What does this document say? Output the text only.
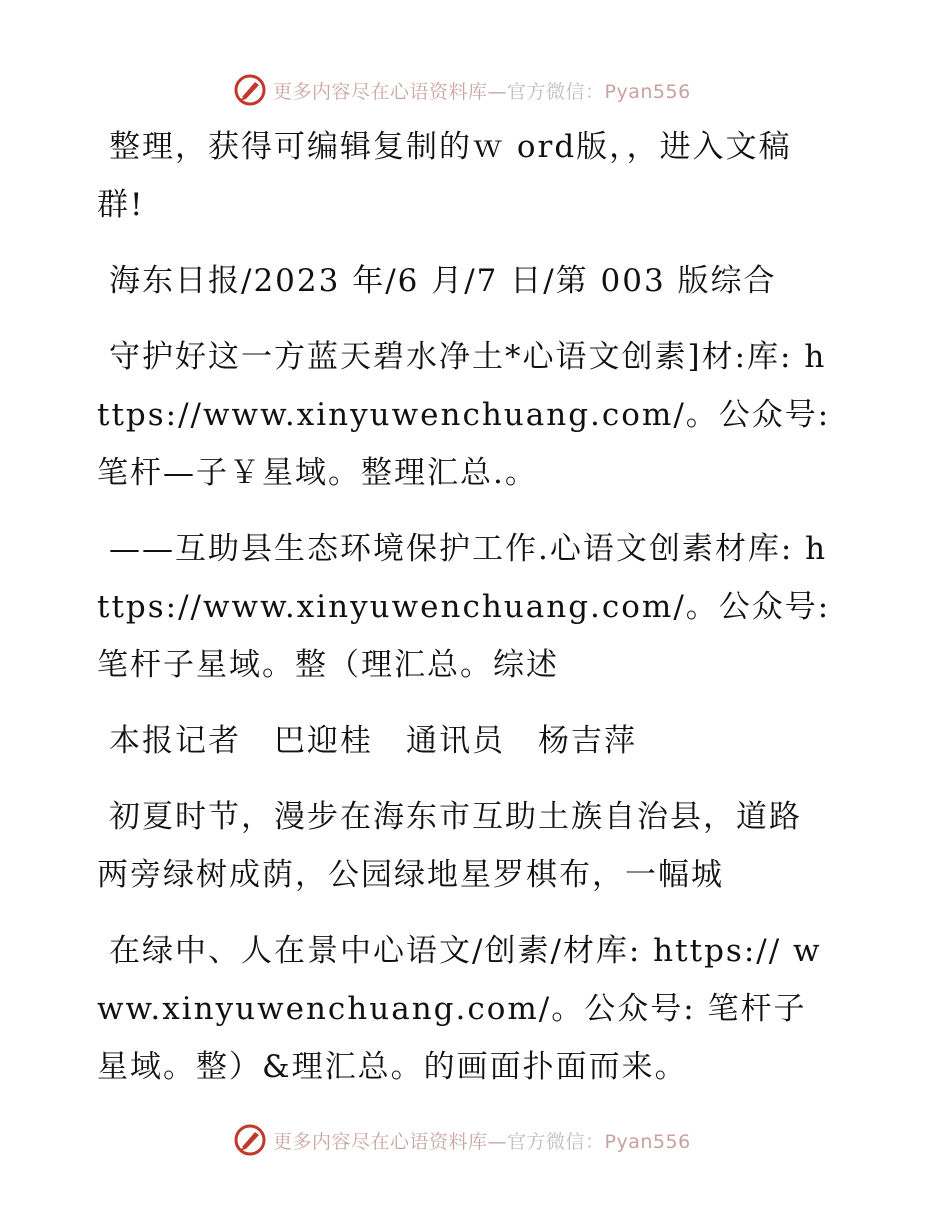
更多内容尽在心语资料库—官方微信：Pyan556

整理，获得可编辑复制的ｗ ord版，，进入文稿群!

海东日报/2023 年/6 月/7 日/第 003 版综合

守护好这一方蓝天碧水净土*心语文创素]材:库: https://www.xinyuwenchuang.com/。公众号: 笔杆—子￥星域。整理汇总.。

——互助县生态环境保护工作.心语文创素材库: https://www.xinyuwenchuang.com/。公众号: 笔杆子星域。整（理汇总。综述

本报记者　巴迎桂　通讯员　杨吉萍

初夏时节，漫步在海东市互助土族自治县，道路两旁绿树成荫，公园绿地星罗棋布，一幅城

在绿中、人在景中心语文/创素/材库: https:// www.xinyuwenchuang.com/。公众号: 笔杆子星域。整）&理汇总。的画面扑面而来。

更多内容尽在心语资料库—官方微信：Pyan556
